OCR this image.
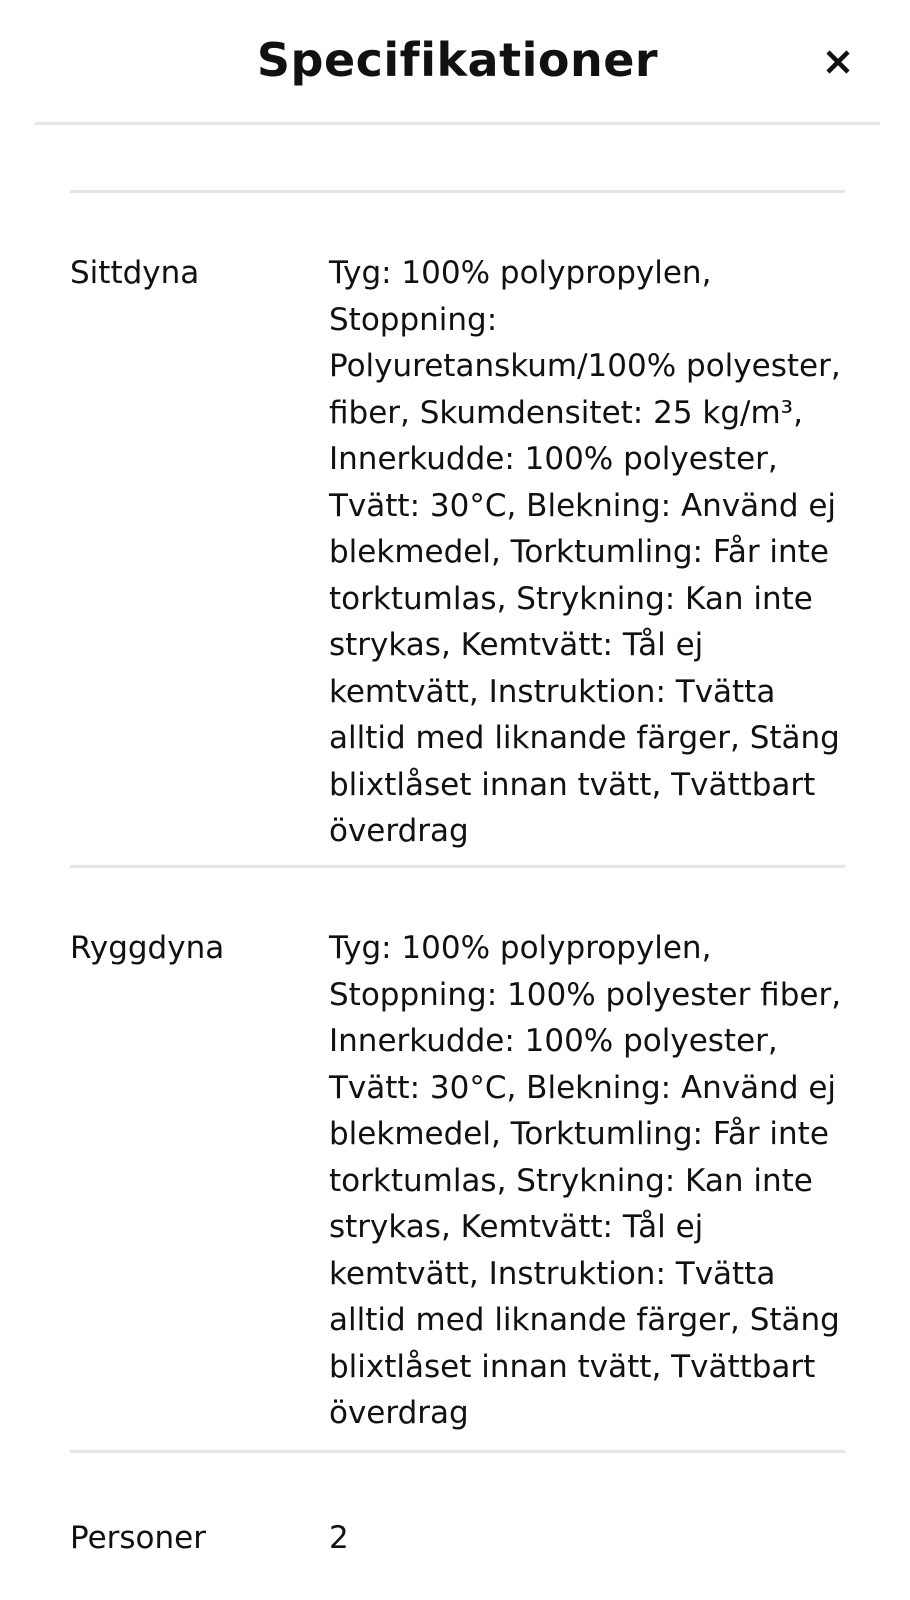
Specifikationer
Sittdyna	Tyg: 100% polypropylen, Stoppning: Polyuretanskum/100% polyester, fiber, Skumdensitet: 25 kg/m³, Innerkudde: 100% polyester, Tvätt: 30°C, Blekning: Använd ej blekmedel, Torktumling: Får inte torktumlas, Strykning: Kan inte strykas, Kemtvätt: Tål ej kemtvätt, Instruktion: Tvätta alltid med liknande färger, Stäng blixtlåset innan tvätt, Tvättbart överdrag
Ryggdyna	Tyg: 100% polypropylen, Stoppning: 100% polyester fiber, Innerkudde: 100% polyester, Tvätt: 30°C, Blekning: Använd ej blekmedel, Torktumling: Får inte torktumlas, Strykning: Kan inte strykas, Kemtvätt: Tål ej kemtvätt, Instruktion: Tvätta alltid med liknande färger, Stäng blixtlåset innan tvätt, Tvättbart överdrag
Personer	2
